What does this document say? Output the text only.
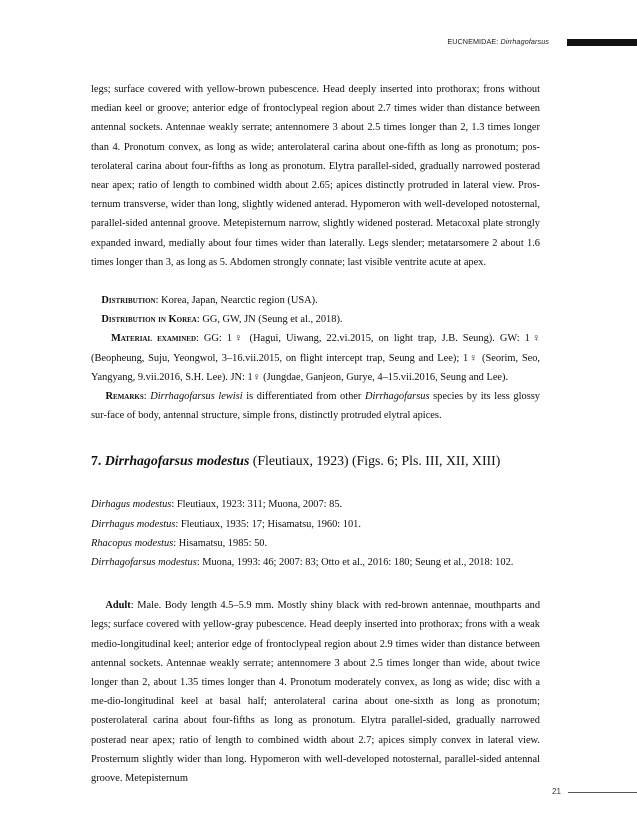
EUCNEMIDAE: Dirrhagofarsus

legs; surface covered with yellow-brown pubescence. Head deeply inserted into prothorax; frons without median keel or groove; anterior edge of frontoclypeal region about 2.7 times wider than distance between antennal sockets. Antennae weakly serrate; antennomere 3 about 2.5 times longer than 2, 1.3 times longer than 4. Pronotum convex, as long as wide; anterolateral carina about one-fifth as long as pronotum; pos-terolateral carina about four-fifths as long as pronotum. Elytra parallel-sided, gradually narrowed posterad near apex; ratio of length to combined width about 2.65; apices distinctly protruded in lateral view. Pros-ternum transverse, wider than long, slightly widened anterad. Hypomeron with well-developed notosternal, parallel-sided antennal groove. Metepisternum narrow, slightly widened posterad. Metacoxal plate strongly expanded inward, medially about four times wider than laterally. Legs slender; metatarsomere 2 about 1.6 times longer than 3, as long as 5. Abdomen strongly connate; last visible ventrite acute at apex.

Distribution: Korea, Japan, Nearctic region (USA).

Distribution in Korea: GG, GW, JN (Seung et al., 2018).

Material examined: GG: 1♀ (Hagui, Uiwang, 22.vi.2015, on light trap, J.B. Seung). GW: 1♀ (Beopheung, Suju, Yeongwol, 3–16.vii.2015, on flight intercept trap, Seung and Lee); 1♀ (Seorim, Seo, Yangyang, 9.vii.2016, S.H. Lee). JN: 1♀ (Jungdae, Ganjeon, Gurye, 4–15.vii.2016, Seung and Lee).

Remarks: Dirrhagofarsus lewisi is differentiated from other Dirrhagofarsus species by its less glossy sur-face of body, antennal structure, simple frons, distinctly protruded elytral apices.

7. Dirrhagofarsus modestus (Fleutiaux, 1923) (Figs. 6; Pls. III, XII, XIII)

Dirhagus modestus: Fleutiaux, 1923: 311; Muona, 2007: 85.

Dirrhagus modestus: Fleutiaux, 1935: 17; Hisamatsu, 1960: 101.

Rhacopus modestus: Hisamatsu, 1985: 50.

Dirrhagofarsus modestus: Muona, 1993: 46; 2007: 83; Otto et al., 2016: 180; Seung et al., 2018: 102.

Adult: Male. Body length 4.5–5.9 mm. Mostly shiny black with red-brown antennae, mouthparts and legs; surface covered with yellow-gray pubescence. Head deeply inserted into prothorax; frons with a weak medio-longitudinal keel; anterior edge of frontoclypeal region about 2.9 times wider than distance between antennal sockets. Antennae weakly serrate; antennomere 3 about 2.5 times longer than wide, about twice longer than 2, about 1.35 times longer than 4. Pronotum moderately convex, as long as wide; disc with a me-dio-longitudinal keel at basal half; anterolateral carina about one-sixth as long as pronotum; posterolateral carina about four-fifths as long as pronotum. Elytra parallel-sided, gradually narrowed posterad near apex; ratio of length to combined width about 2.7; apices simply convex in lateral view. Prosternum slightly wider than long. Hypomeron with well-developed notosternal, parallel-sided antennal groove. Metepisternum

21
